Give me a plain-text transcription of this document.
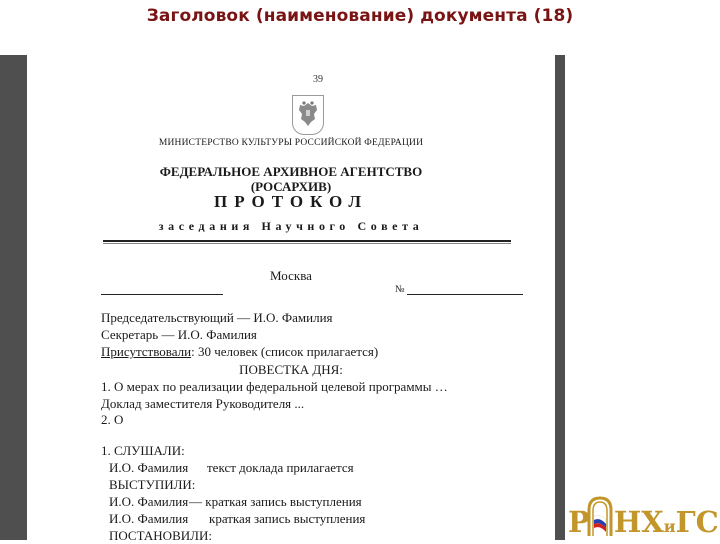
Заголовок (наименование) документа (18)
39
МИНИСТЕРСТВО КУЛЬТУРЫ РОССИЙСКОЙ ФЕДЕРАЦИИ
ФЕДЕРАЛЬНОЕ АРХИВНОЕ АГЕНТСТВО
(РОСАРХИВ)
ПРОТОКОЛ
заседания Научного Совета
Москва
№
Председательствующий — И.О. Фамилия
Секретарь — И.О. Фамилия
Присутствовали: 30 человек (список прилагается)
ПОВЕСТКА ДНЯ:
1. О мерах по реализации федеральной целевой программы …
Доклад заместителя Руководителя ...
2. О
1. СЛУШАЛИ:
И.О. Фамилия текст доклада прилагается
ВЫСТУПИЛИ:
И.О. Фамилия — краткая запись выступления
И.О. Фамилия краткая запись выступления
ПОСТАНОВИЛИ:	Р НХиГС
